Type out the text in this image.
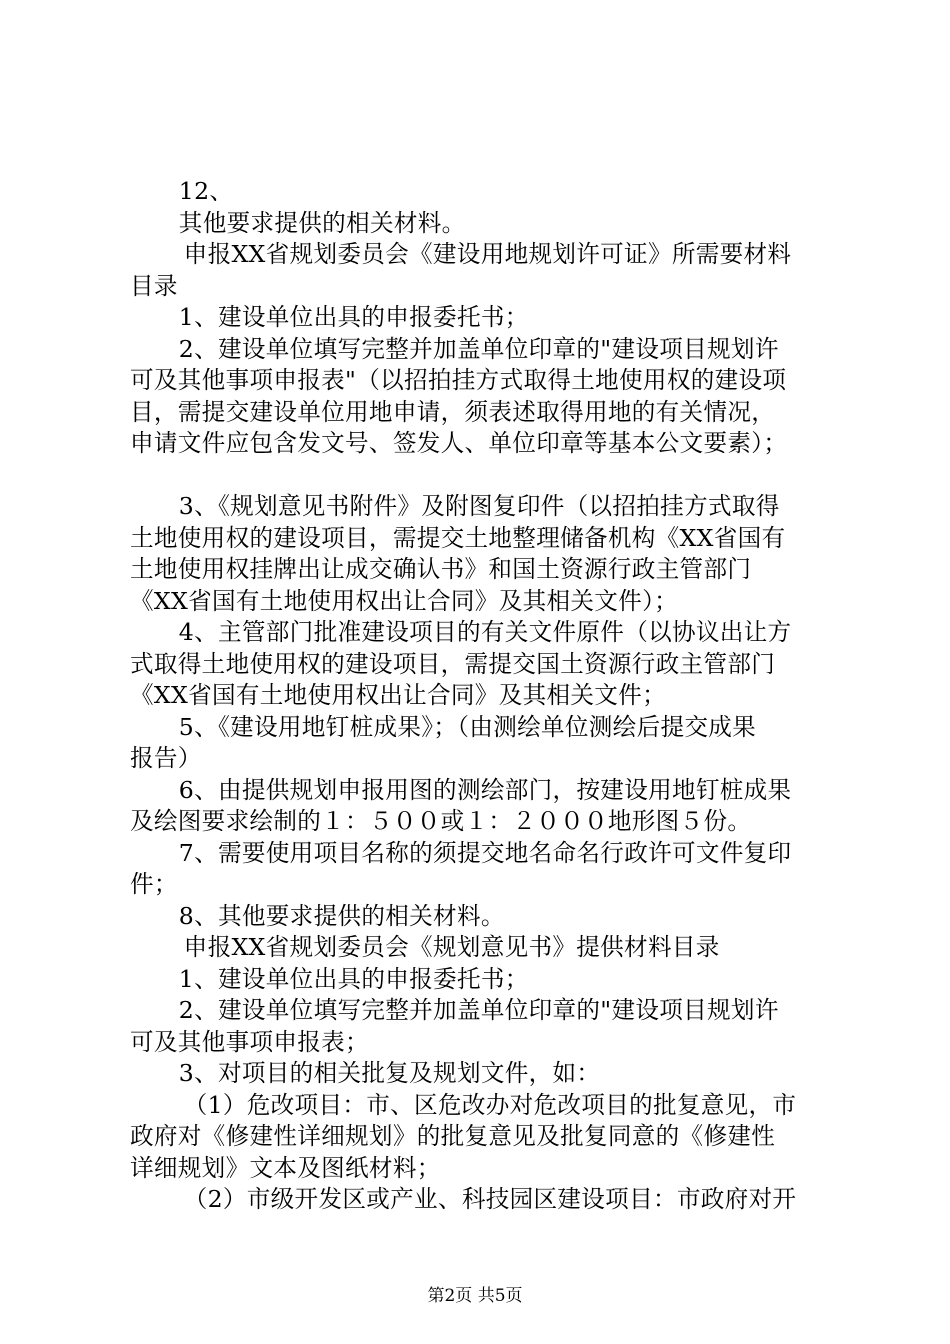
12、
其他要求提供的相关材料。
申报XX省规划委员会《建设用地规划许可证》所需要材料
目录
1、建设单位出具的申报委托书；
2、建设单位填写完整并加盖单位印章的"建设项目规划许
可及其他事项申报表"（以招拍挂方式取得土地使用权的建设项
目，需提交建设单位用地申请，须表述取得用地的有关情况，
申请文件应包含发文号、签发人、单位印章等基本公文要素）；
3、《规划意见书附件》及附图复印件（以招拍挂方式取得
土地使用权的建设项目，需提交土地整理储备机构《XX省国有
土地使用权挂牌出让成交确认书》和国土资源行政主管部门
《XX省国有土地使用权出让合同》及其相关文件）；
4、主管部门批准建设项目的有关文件原件（以协议出让方
式取得土地使用权的建设项目，需提交国土资源行政主管部门
《XX省国有土地使用权出让合同》及其相关文件；
5、《建设用地钉桩成果》；（由测绘单位测绘后提交成果
报告）
6、由提供规划申报用图的测绘部门，按建设用地钉桩成果
及绘图要求绘制的１：５００或１：２０００地形图５份。
7、需要使用项目名称的须提交地名命名行政许可文件复印
件；
8、其他要求提供的相关材料。
申报XX省规划委员会《规划意见书》提供材料目录
1、建设单位出具的申报委托书；
2、建设单位填写完整并加盖单位印章的"建设项目规划许
可及其他事项申报表；
3、对项目的相关批复及规划文件，如：
（1）危改项目：市、区危改办对危改项目的批复意见，市
政府对《修建性详细规划》的批复意见及批复同意的《修建性
详细规划》文本及图纸材料；
（2）市级开发区或产业、科技园区建设项目：市政府对开
第2页 共5页
